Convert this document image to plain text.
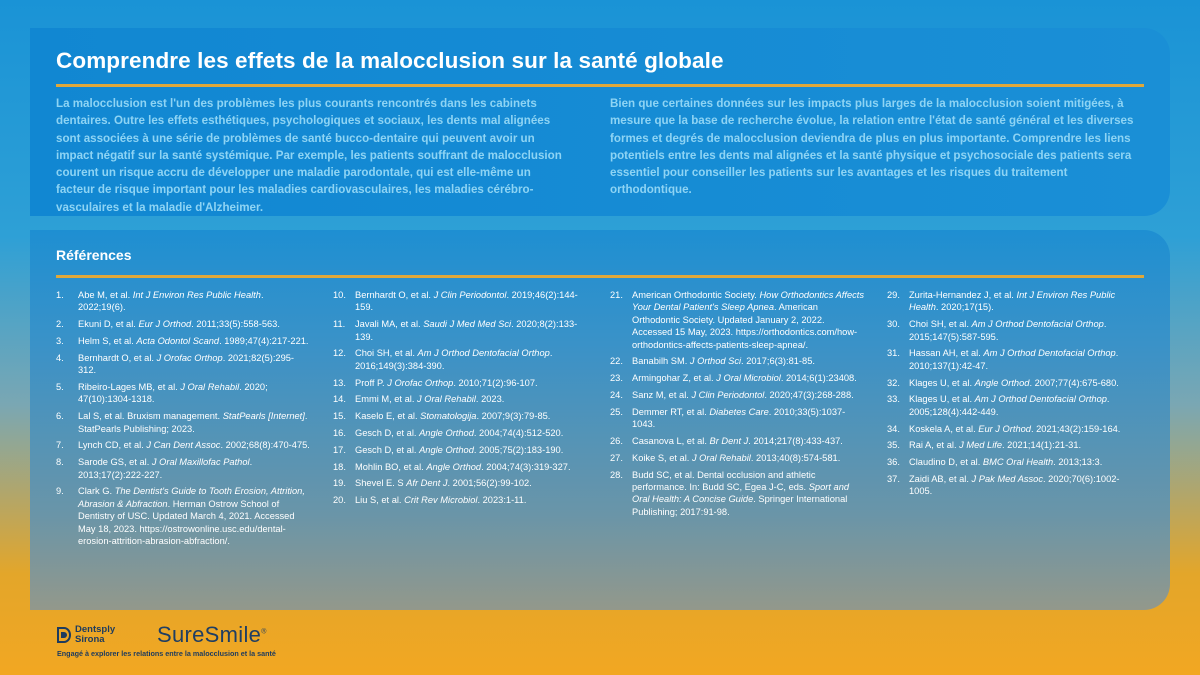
Comprendre les effets de la malocclusion sur la santé globale

La malocclusion est l'un des problèmes les plus courants rencontrés dans les cabinets dentaires. Outre les effets esthétiques, psychologiques et sociaux, les dents mal alignées sont associées à une série de problèmes de santé bucco-dentaire qui peuvent avoir un impact négatif sur la santé systémique. Par exemple, les patients souffrant de malocclusion courent un risque accru de développer une maladie parodontale, qui est elle-même un facteur de risque important pour les maladies cardiovasculaires, les maladies cérébro-vasculaires et la maladie d'Alzheimer.

Bien que certaines données sur les impacts plus larges de la malocclusion soient mitigées, à mesure que la base de recherche évolue, la relation entre l'état de santé général et les diverses formes et degrés de malocclusion deviendra de plus en plus importante. Comprendre les liens potentiels entre les dents mal alignées et la santé physique et psychosociale des patients sera essentiel pour conseiller les patients sur les avantages et les risques du traitement orthodontique.

Références
1.	Abe M, et al. Int J Environ Res Public Health. 2022;19(6).
2.	Ekuni D, et al. Eur J Orthod. 2011;33(5):558-563.
3.	Helm S, et al. Acta Odontol Scand. 1989;47(4):217-221.
4.	Bernhardt O, et al. J Orofac Orthop. 2021;82(5):295-312.
5.	Ribeiro-Lages MB, et al. J Oral Rehabil. 2020; 47(10):1304-1318.
6.	Lal S, et al. Bruxism management. StatPearls [Internet]. StatPearls Publishing; 2023.
7.	Lynch CD, et al. J Can Dent Assoc. 2002;68(8):470-475.
8.	Sarode GS, et al. J Oral Maxillofac Pathol. 2013;17(2):222-227.
9.	Clark G. The Dentist's Guide to Tooth Erosion, Attrition, Abrasion & Abfraction. Herman Ostrow School of Dentistry of USC. Updated March 4, 2021. Accessed May 18, 2023. https://ostrowonline.usc.edu/dental-erosion-attrition-abrasion-abfraction/.
10. Bernhardt O, et al. J Clin Periodontol. 2019;46(2):144-159.
11.	Javali MA, et al. Saudi J Med Med Sci. 2020;8(2):133-139.
12. Choi SH, et al. Am J Orthod Dentofacial Orthop. 2016;149(3):384-390.
13. Proff P. J Orofac Orthop. 2010;71(2):96-107.
14. Emmi M, et al. J Oral Rehabil. 2023.
15. Kaselo E, et al. Stomatologija. 2007;9(3):79-85.
16. Gesch D, et al. Angle Orthod. 2004;74(4):512-520.
17. Gesch D, et al. Angle Orthod. 2005;75(2):183-190.
18. Mohlin BO, et al. Angle Orthod. 2004;74(3):319-327.
19. Shevel E. S Afr Dent J. 2001;56(2):99-102.
20. Liu S, et al. Crit Rev Microbiol. 2023:1-11.
21. American Orthodontic Society. How Orthodontics Affects Your Dental Patient's Sleep Apnea. American Orthodontic Society. Updated January 2, 2022. Accessed 15 May, 2023. https://orthodontics.com/how-orthodontics-affects-patients-sleep-apnea/.
22. Banabilh SM. J Orthod Sci. 2017;6(3):81-85.
23. Armingohar Z, et al. J Oral Microbiol. 2014;6(1):23408.
24. Sanz M, et al. J Clin Periodontol. 2020;47(3):268-288.
25. Demmer RT, et al. Diabetes Care. 2010;33(5):1037-1043.
26. Casanova L, et al. Br Dent J. 2014;217(8):433-437.
27. Koike S, et al. J Oral Rehabil. 2013;40(8):574-581.
28. Budd SC, et al. Dental occlusion and athletic performance. In: Budd SC, Egea J-C, eds. Sport and Oral Health: A Concise Guide. Springer International Publishing; 2017:91-98.
29. Zurita-Hernandez J, et al. Int J Environ Res Public Health. 2020;17(15).
30. Choi SH, et al. Am J Orthod Dentofacial Orthop. 2015;147(5):587-595.
31. Hassan AH, et al. Am J Orthod Dentofacial Orthop. 2010;137(1):42-47.
32. Klages U, et al. Angle Orthod. 2007;77(4):675-680.
33. Klages U, et al. Am J Orthod Dentofacial Orthop. 2005;128(4):442-449.
34. Koskela A, et al. Eur J Orthod. 2021;43(2):159-164.
35. Rai A, et al. J Med Life. 2021;14(1):21-31.
36. Claudino D, et al. BMC Oral Health. 2013;13:3.
37. Zaidi AB, et al. J Pak Med Assoc. 2020;70(6):1002-1005.
Dentsply
Sirona	SureSmile®
Engagé à explorer les relations entre la malocclusion et la santé
